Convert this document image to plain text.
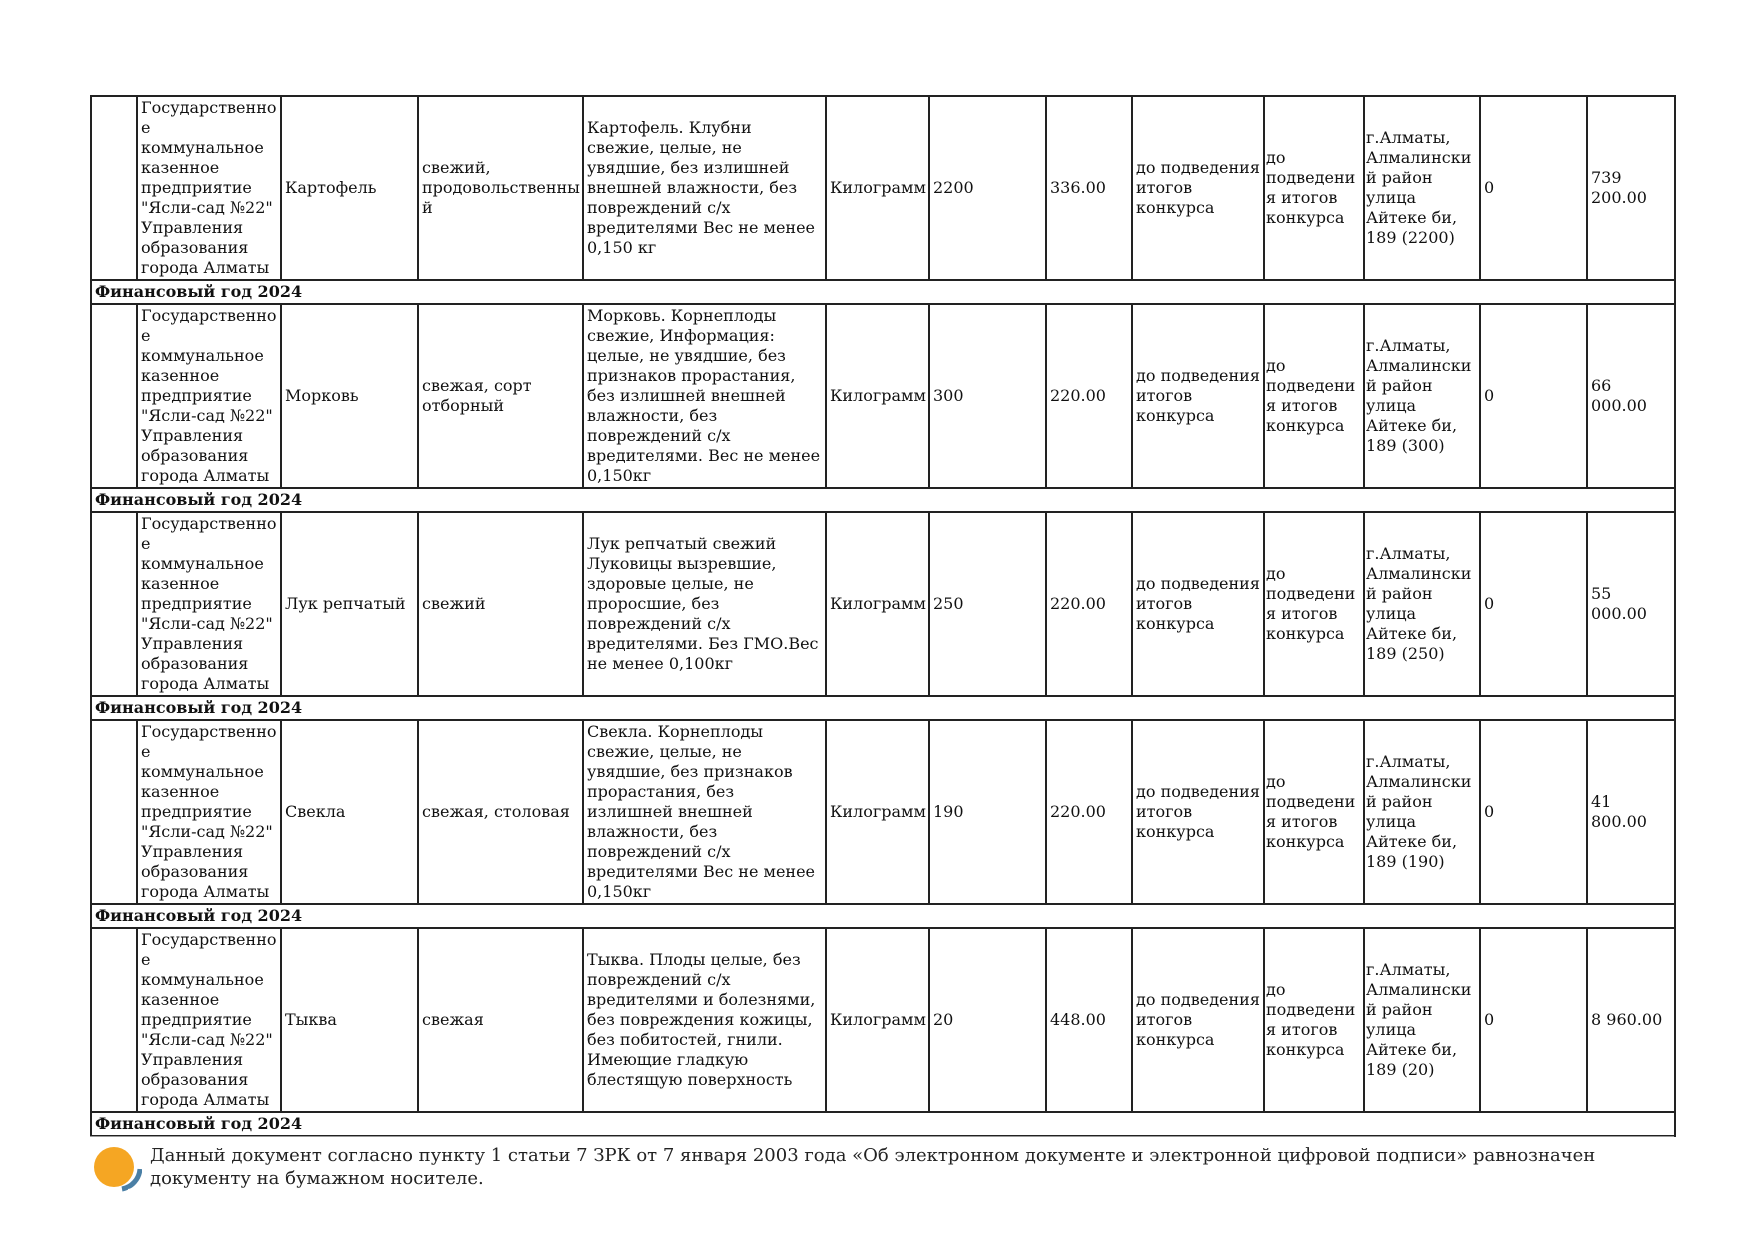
	Государственное коммунальное казенное предприятие "Ясли-сад №22" Управления образования города Алматы	Картофель	свежий, продовольственный	Картофель. Клубни свежие, целые, не увядшие, без излишней внешней влажности, без повреждений с/х вредителями Вес не менее 0,150 кг	Килограмм	2200	336.00	до подведения итогов конкурса	до подведения итогов конкурса	г.Алматы, Алмалинский район улица Айтеке би, 189 (2200)	0	739 200.00
Финансовый год 2024												
	Государственное коммунальное казенное предприятие "Ясли-сад №22" Управления образования города Алматы	Морковь	свежая, сорт отборный	Морковь. Корнеплоды свежие, Информация: целые, не увядшие, без признаков прорастания, без излишней внешней влажности, без повреждений с/х вредителями. Вес не менее 0,150кг	Килограмм	300	220.00	до подведения итогов конкурса	до подведения итогов конкурса	г.Алматы, Алмалинский район улица Айтеке би, 189 (300)	0	66 000.00
Финансовый год 2024												
	Государственное коммунальное казенное предприятие "Ясли-сад №22" Управления образования города Алматы	Лук репчатый	свежий	Лук репчатый свежий Луковицы вызревшие, здоровые целые, не проросшие, без повреждений с/х вредителями. Без ГМО.Вес не менее 0,100кг	Килограмм	250	220.00	до подведения итогов конкурса	до подведения итогов конкурса	г.Алматы, Алмалинский район улица Айтеке би, 189 (250)	0	55 000.00
Финансовый год 2024												
	Государственное коммунальное казенное предприятие "Ясли-сад №22" Управления образования города Алматы	Свекла	свежая, столовая	Свекла. Корнеплоды свежие, целые, не увядшие, без признаков прорастания, без излишней внешней влажности, без повреждений с/х вредителями Вес не менее 0,150кг	Килограмм	190	220.00	до подведения итогов конкурса	до подведения итогов конкурса	г.Алматы, Алмалинский район улица Айтеке би, 189 (190)	0	41 800.00
Финансовый год 2024												
	Государственное коммунальное казенное предприятие "Ясли-сад №22" Управления образования города Алматы	Тыква	свежая	Тыква. Плоды целые, без повреждений с/х вредителями и болезнями, без повреждения кожицы, без побитостей, гнили. Имеющие гладкую блестящую поверхность	Килограмм	20	448.00	до подведения итогов конкурса	до подведения итогов конкурса	г.Алматы, Алмалинский район улица Айтеке би, 189 (20)	0	8 960.00
Финансовый год 2024												
Данный документ согласно пункту 1 статьи 7 ЗРК от 7 января 2003 года «Об электронном документе и электронной цифровой подписи» равнозначен документу на бумажном носителе.
